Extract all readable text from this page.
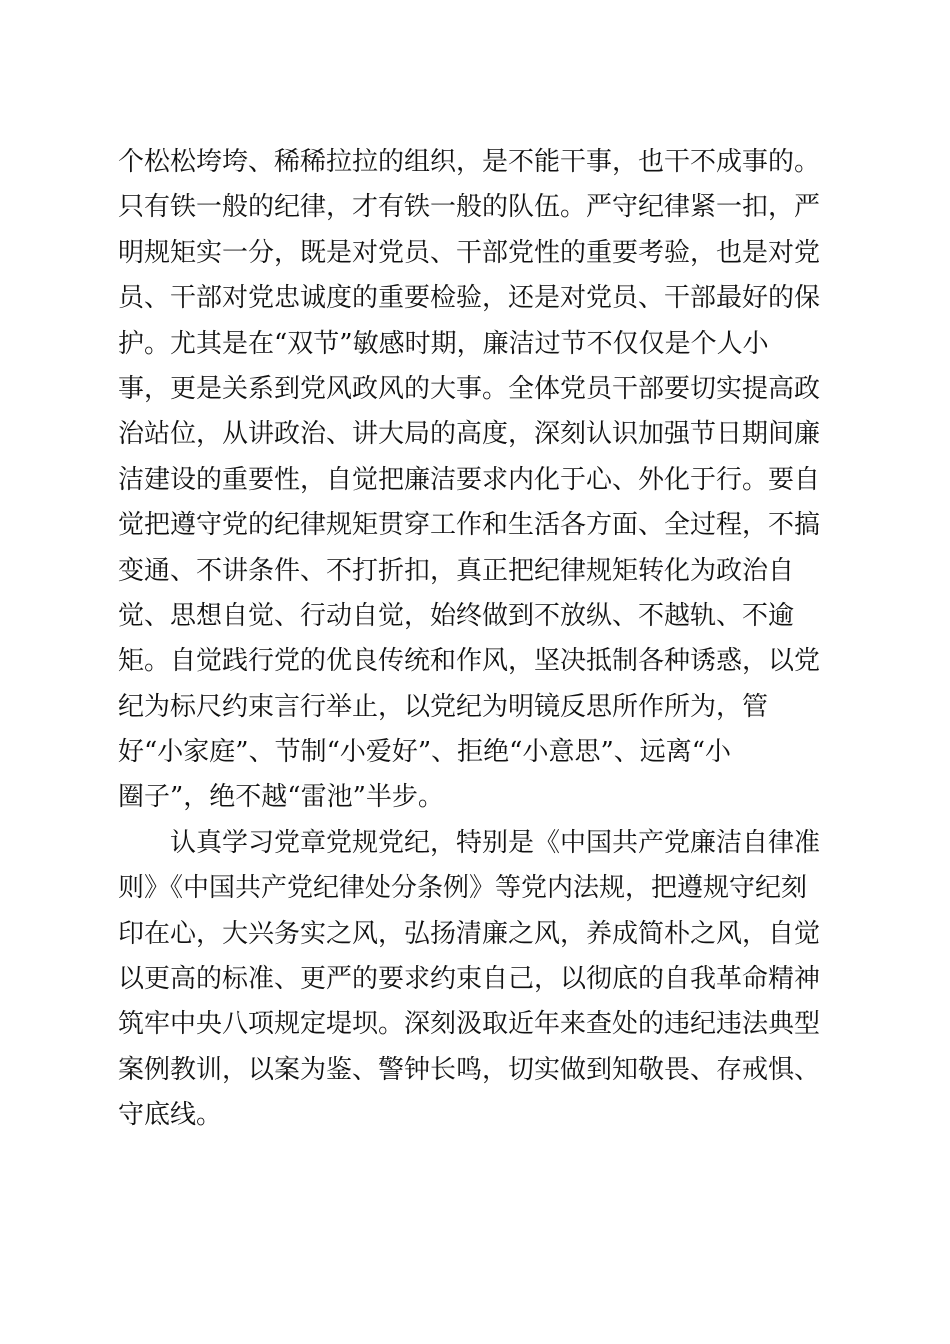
个松松垮垮、稀稀拉拉的组织，是不能干事，也干不成事的。
只有铁一般的纪律，才有铁一般的队伍。严守纪律紧一扣，严
明规矩实一分，既是对党员、干部党性的重要考验，也是对党
员、干部对党忠诚度的重要检验，还是对党员、干部最好的保
护。尤其是在“双节”敏感时期，廉洁过节不仅仅是个人小
事，更是关系到党风政风的大事。全体党员干部要切实提高政
治站位，从讲政治、讲大局的高度，深刻认识加强节日期间廉
洁建设的重要性，自觉把廉洁要求内化于心、外化于行。要自
觉把遵守党的纪律规矩贯穿工作和生活各方面、全过程，不搞
变通、不讲条件、不打折扣，真正把纪律规矩转化为政治自
觉、思想自觉、行动自觉，始终做到不放纵、不越轨、不逾
矩。自觉践行党的优良传统和作风，坚决抵制各种诱惑，以党
纪为标尺约束言行举止，以党纪为明镜反思所作所为，管
好“小家庭”、节制“小爱好”、拒绝“小意思”、远离“小
圈子”，绝不越“雷池”半步。
认真学习党章党规党纪，特别是《中国共产党廉洁自律准
则》《中国共产党纪律处分条例》等党内法规，把遵规守纪刻
印在心，大兴务实之风，弘扬清廉之风，养成简朴之风，自觉
以更高的标准、更严的要求约束自己，以彻底的自我革命精神
筑牢中央八项规定堤坝。深刻汲取近年来查处的违纪违法典型
案例教训，以案为鉴、警钟长鸣，切实做到知敬畏、存戒惧、
守底线。
